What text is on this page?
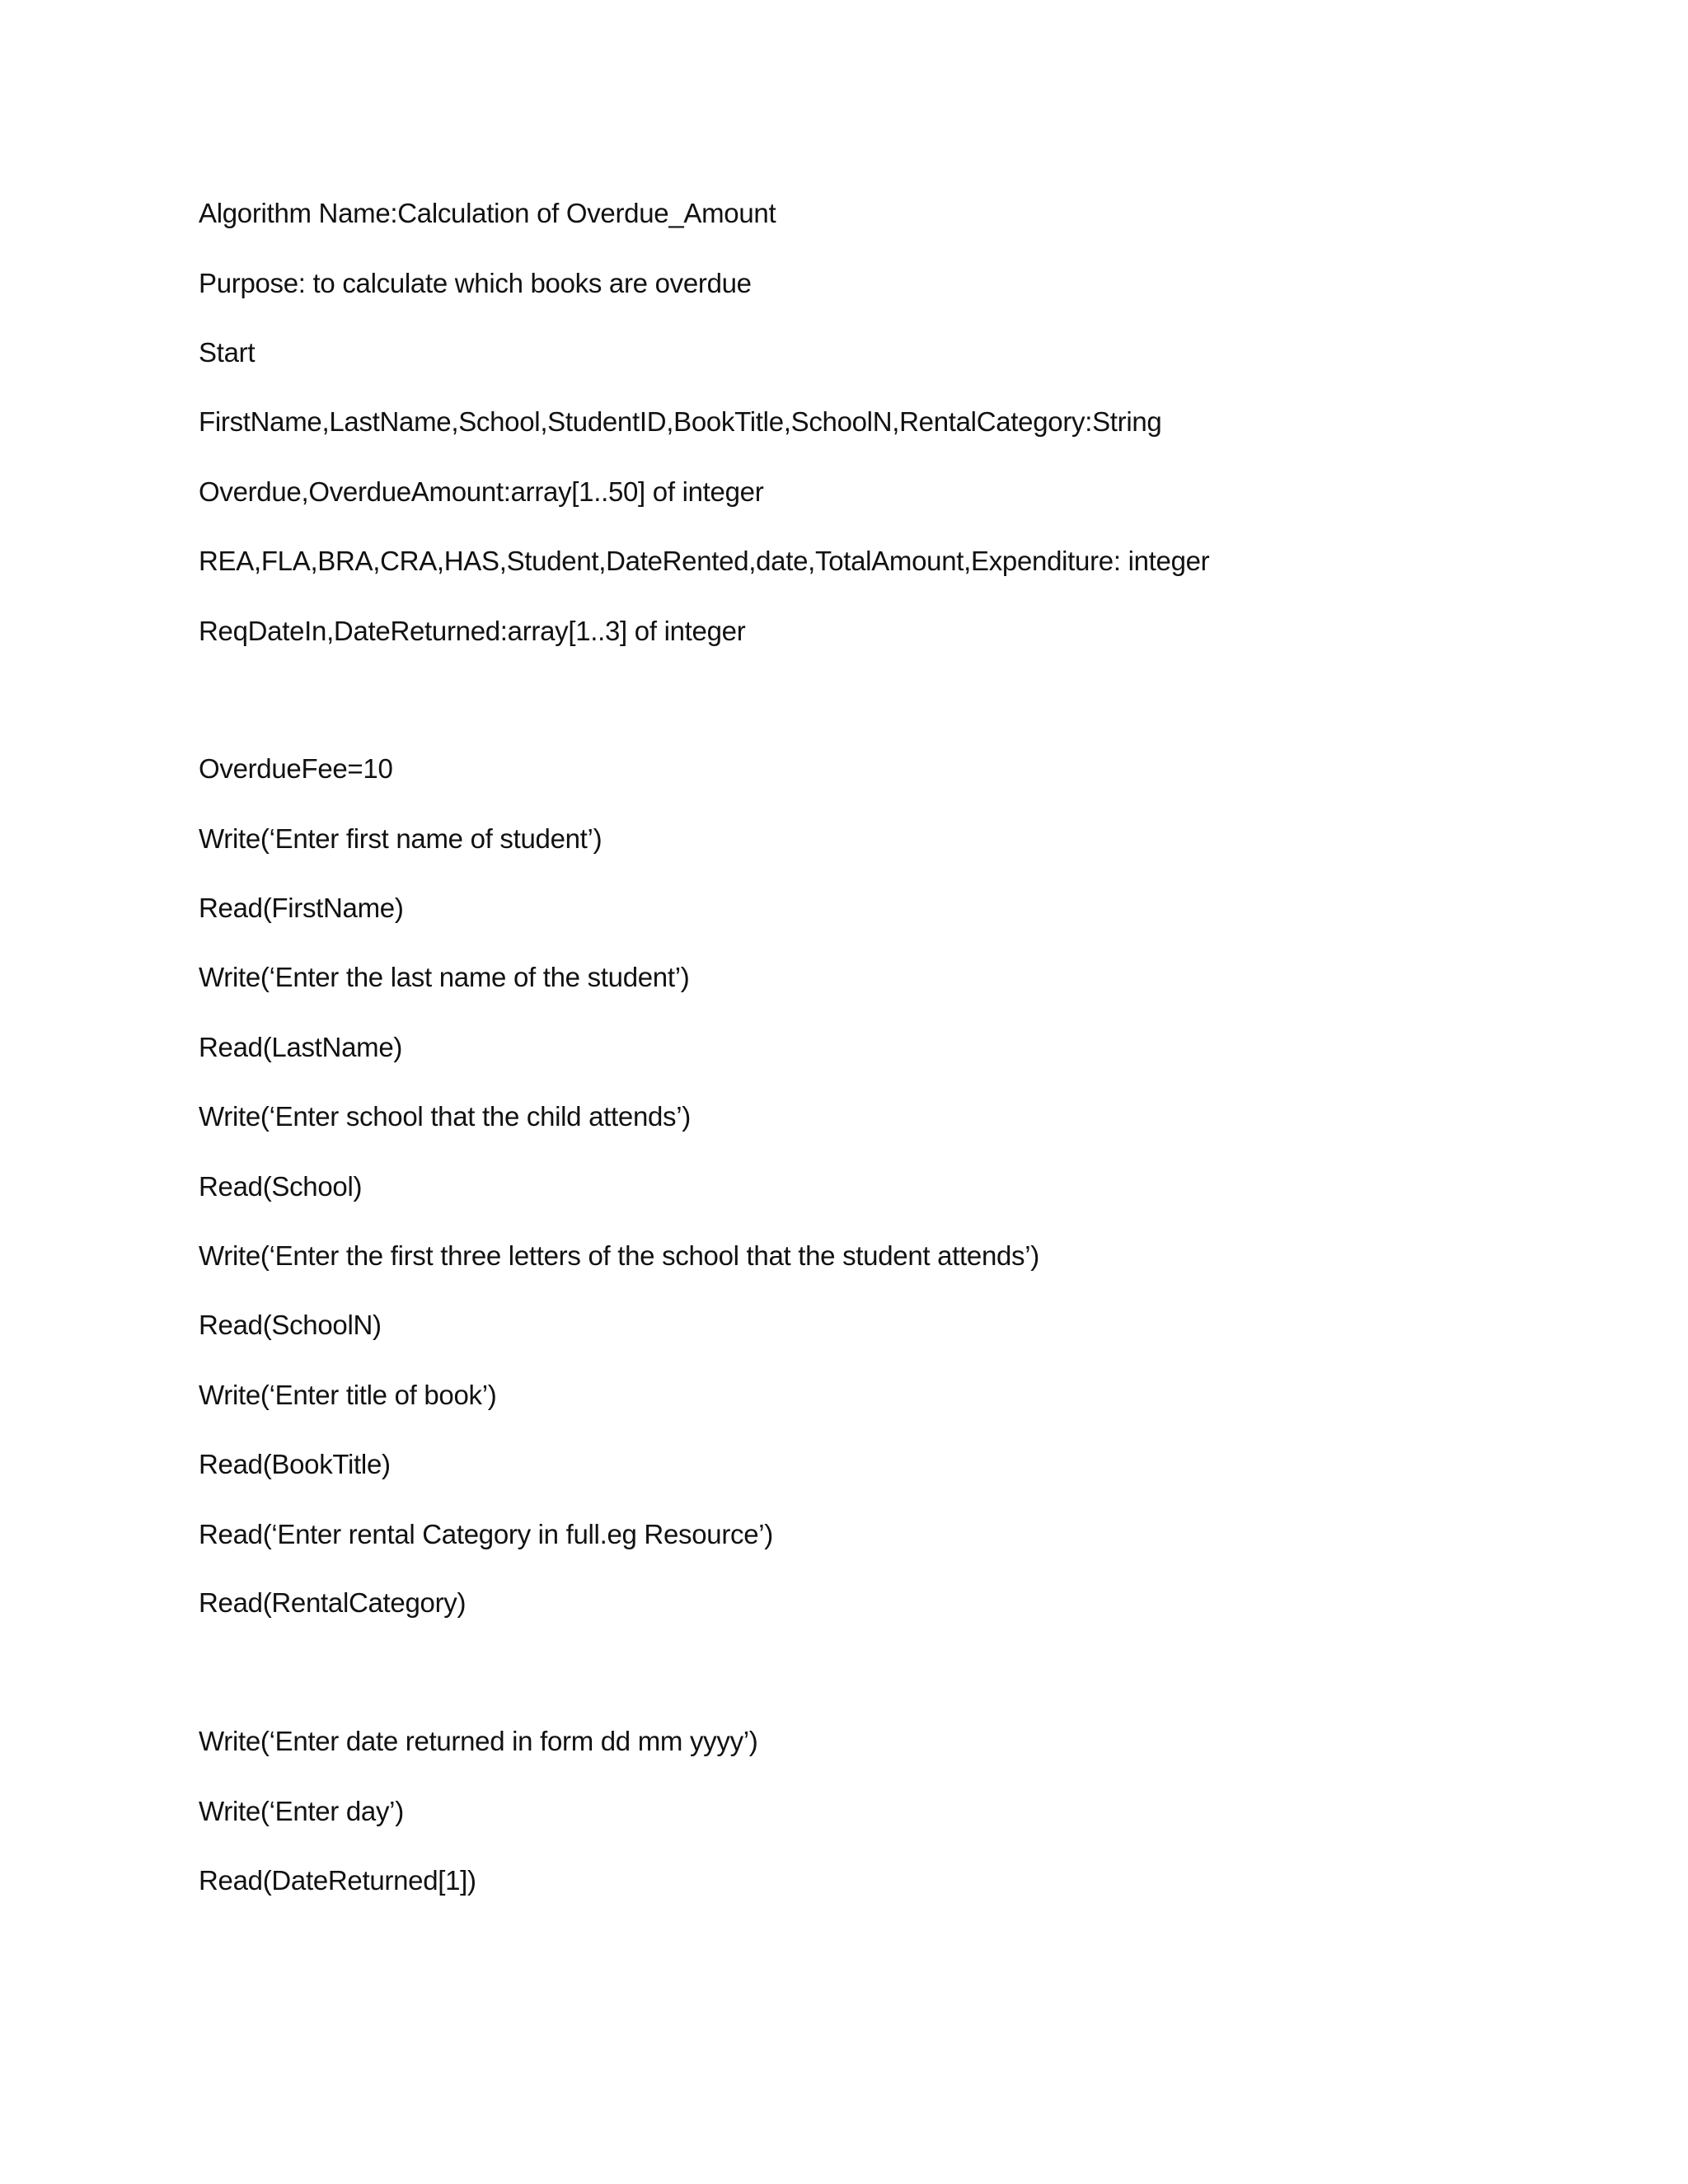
Algorithm Name:Calculation of Overdue_Amount

Purpose: to calculate which books are overdue

Start

FirstName,LastName,School,StudentID,BookTitle,SchoolN,RentalCategory:String

Overdue,OverdueAmount:array[1..50] of integer

REA,FLA,BRA,CRA,HAS,Student,DateRented,date,TotalAmount,Expenditure: integer

ReqDateIn,DateReturned:array[1..3] of integer

OverdueFee=10

Write(‘Enter first name of student’)

Read(FirstName)

Write(‘Enter the last name of the student’)

Read(LastName)

Write(‘Enter school that the child attends’)

Read(School)

Write(‘Enter the first three letters of the school that the student attends’)

Read(SchoolN)

Write(‘Enter title of book’)

Read(BookTitle)

Read(‘Enter rental Category in full.eg Resource’)

Read(RentalCategory)

Write(‘Enter date returned in form dd mm yyyy’)

Write(‘Enter day’)

Read(DateReturned[1])
